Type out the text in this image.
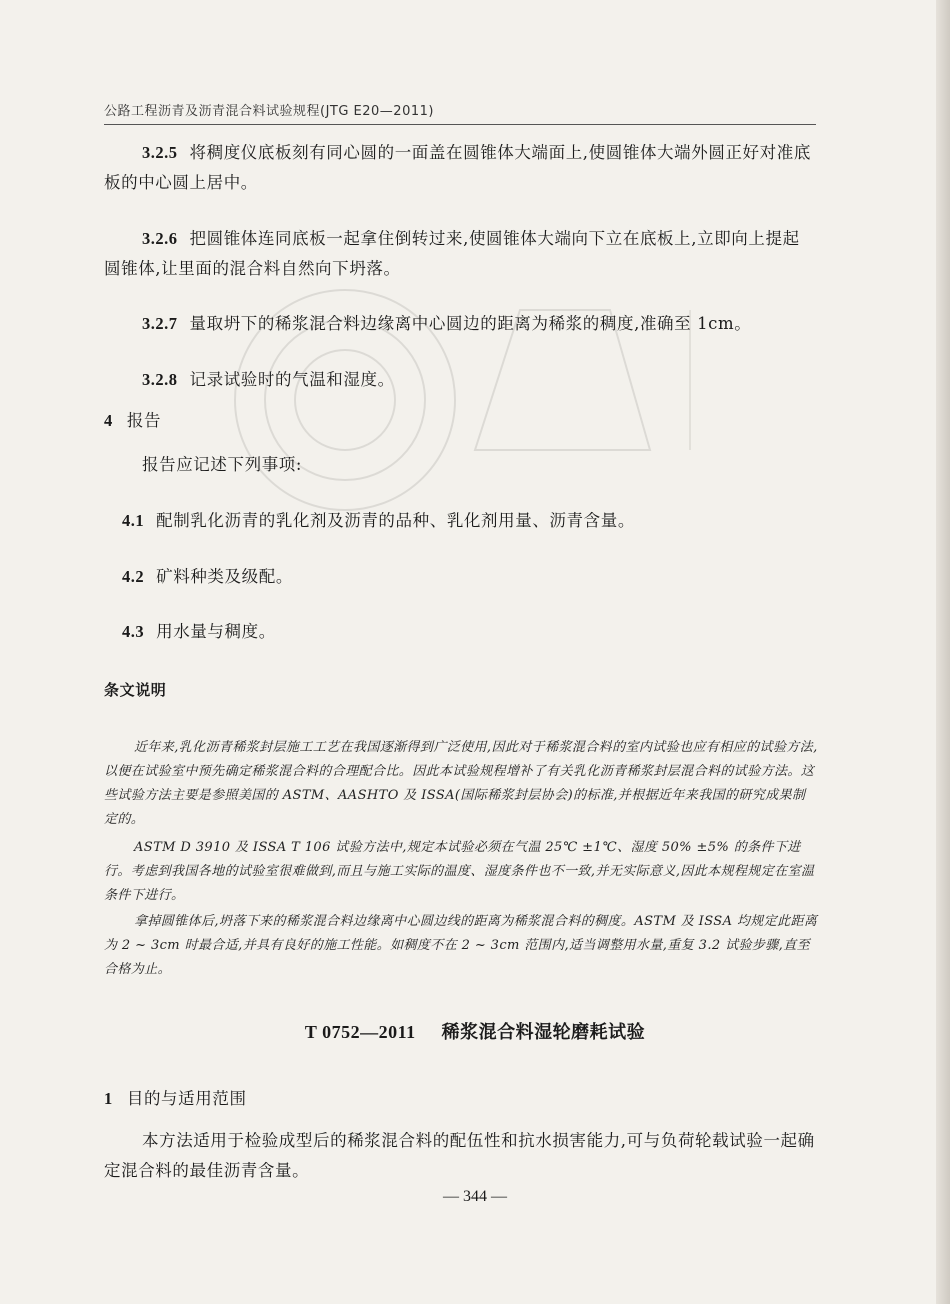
公路工程沥青及沥青混合料试验规程(JTG E20—2011)
3.2.5 将稠度仪底板刻有同心圆的一面盖在圆锥体大端面上,使圆锥体大端外圆正好对准底板的中心圆上居中。
3.2.6 把圆锥体连同底板一起拿住倒转过来,使圆锥体大端向下立在底板上,立即向上提起圆锥体,让里面的混合料自然向下坍落。
3.2.7 量取坍下的稀浆混合料边缘离中心圆边的距离为稀浆的稠度,准确至 1cm。
3.2.8 记录试验时的气温和湿度。
4 报告
报告应记述下列事项:
4.1 配制乳化沥青的乳化剂及沥青的品种、乳化剂用量、沥青含量。
4.2 矿料种类及级配。
4.3 用水量与稠度。
条文说明
近年来,乳化沥青稀浆封层施工工艺在我国逐渐得到广泛使用,因此对于稀浆混合料的室内试验也应有相应的试验方法,以便在试验室中预先确定稀浆混合料的合理配合比。因此本试验规程增补了有关乳化沥青稀浆封层混合料的试验方法。这些试验方法主要是参照美国的 ASTM、AASHTO 及 ISSA(国际稀浆封层协会)的标准,并根据近年来我国的研究成果制定的。
ASTM D 3910 及 ISSA T 106 试验方法中,规定本试验必须在气温 25℃ ±1℃、湿度 50% ±5% 的条件下进行。考虑到我国各地的试验室很难做到,而且与施工实际的温度、湿度条件也不一致,并无实际意义,因此本规程规定在室温条件下进行。
拿掉圆锥体后,坍落下来的稀浆混合料边缘离中心圆边线的距离为稀浆混合料的稠度。ASTM 及 ISSA 均规定此距离为 2 ~ 3cm 时最合适,并具有良好的施工性能。如稠度不在 2 ~ 3cm 范围内,适当调整用水量,重复 3.2 试验步骤,直至合格为止。
T 0752—2011 稀浆混合料湿轮磨耗试验
1 目的与适用范围
本方法适用于检验成型后的稀浆混合料的配伍性和抗水损害能力,可与负荷轮载试验一起确定混合料的最佳沥青含量。
— 344 —
